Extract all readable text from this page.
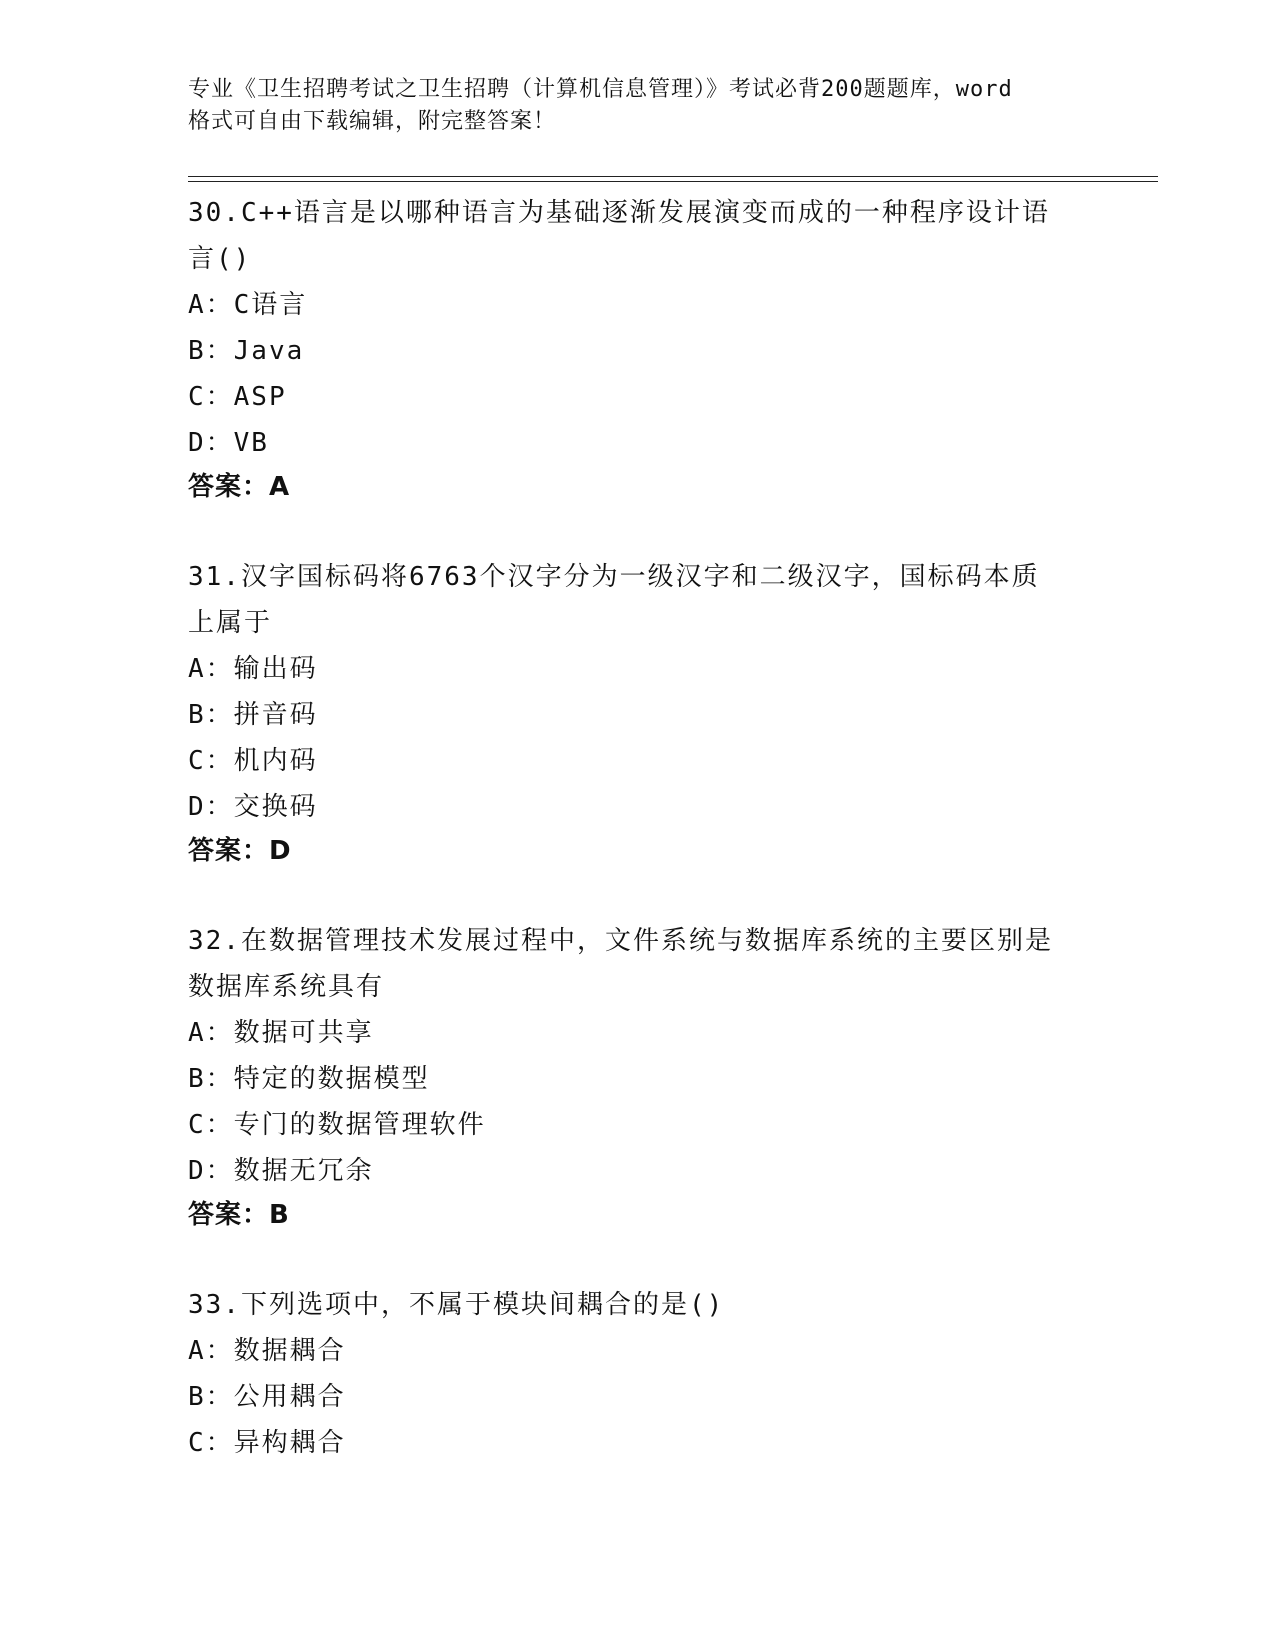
专业《卫生招聘考试之卫生招聘（计算机信息管理）》考试必背200题题库，word
格式可自由下载编辑，附完整答案！

30.C++语言是以哪种语言为基础逐渐发展演变而成的一种程序设计语

言()

A：C语言

B：Java

C：ASP

D：VB

答案：A

31.汉字国标码将6763个汉字分为一级汉字和二级汉字，国标码本质

上属于

A：输出码

B：拼音码

C：机内码

D：交换码

答案：D

32.在数据管理技术发展过程中，文件系统与数据库系统的主要区别是

数据库系统具有

A：数据可共享

B：特定的数据模型

C：专门的数据管理软件

D：数据无冗余

答案：B

33.下列选项中，不属于模块间耦合的是()

A：数据耦合

B：公用耦合

C：异构耦合
